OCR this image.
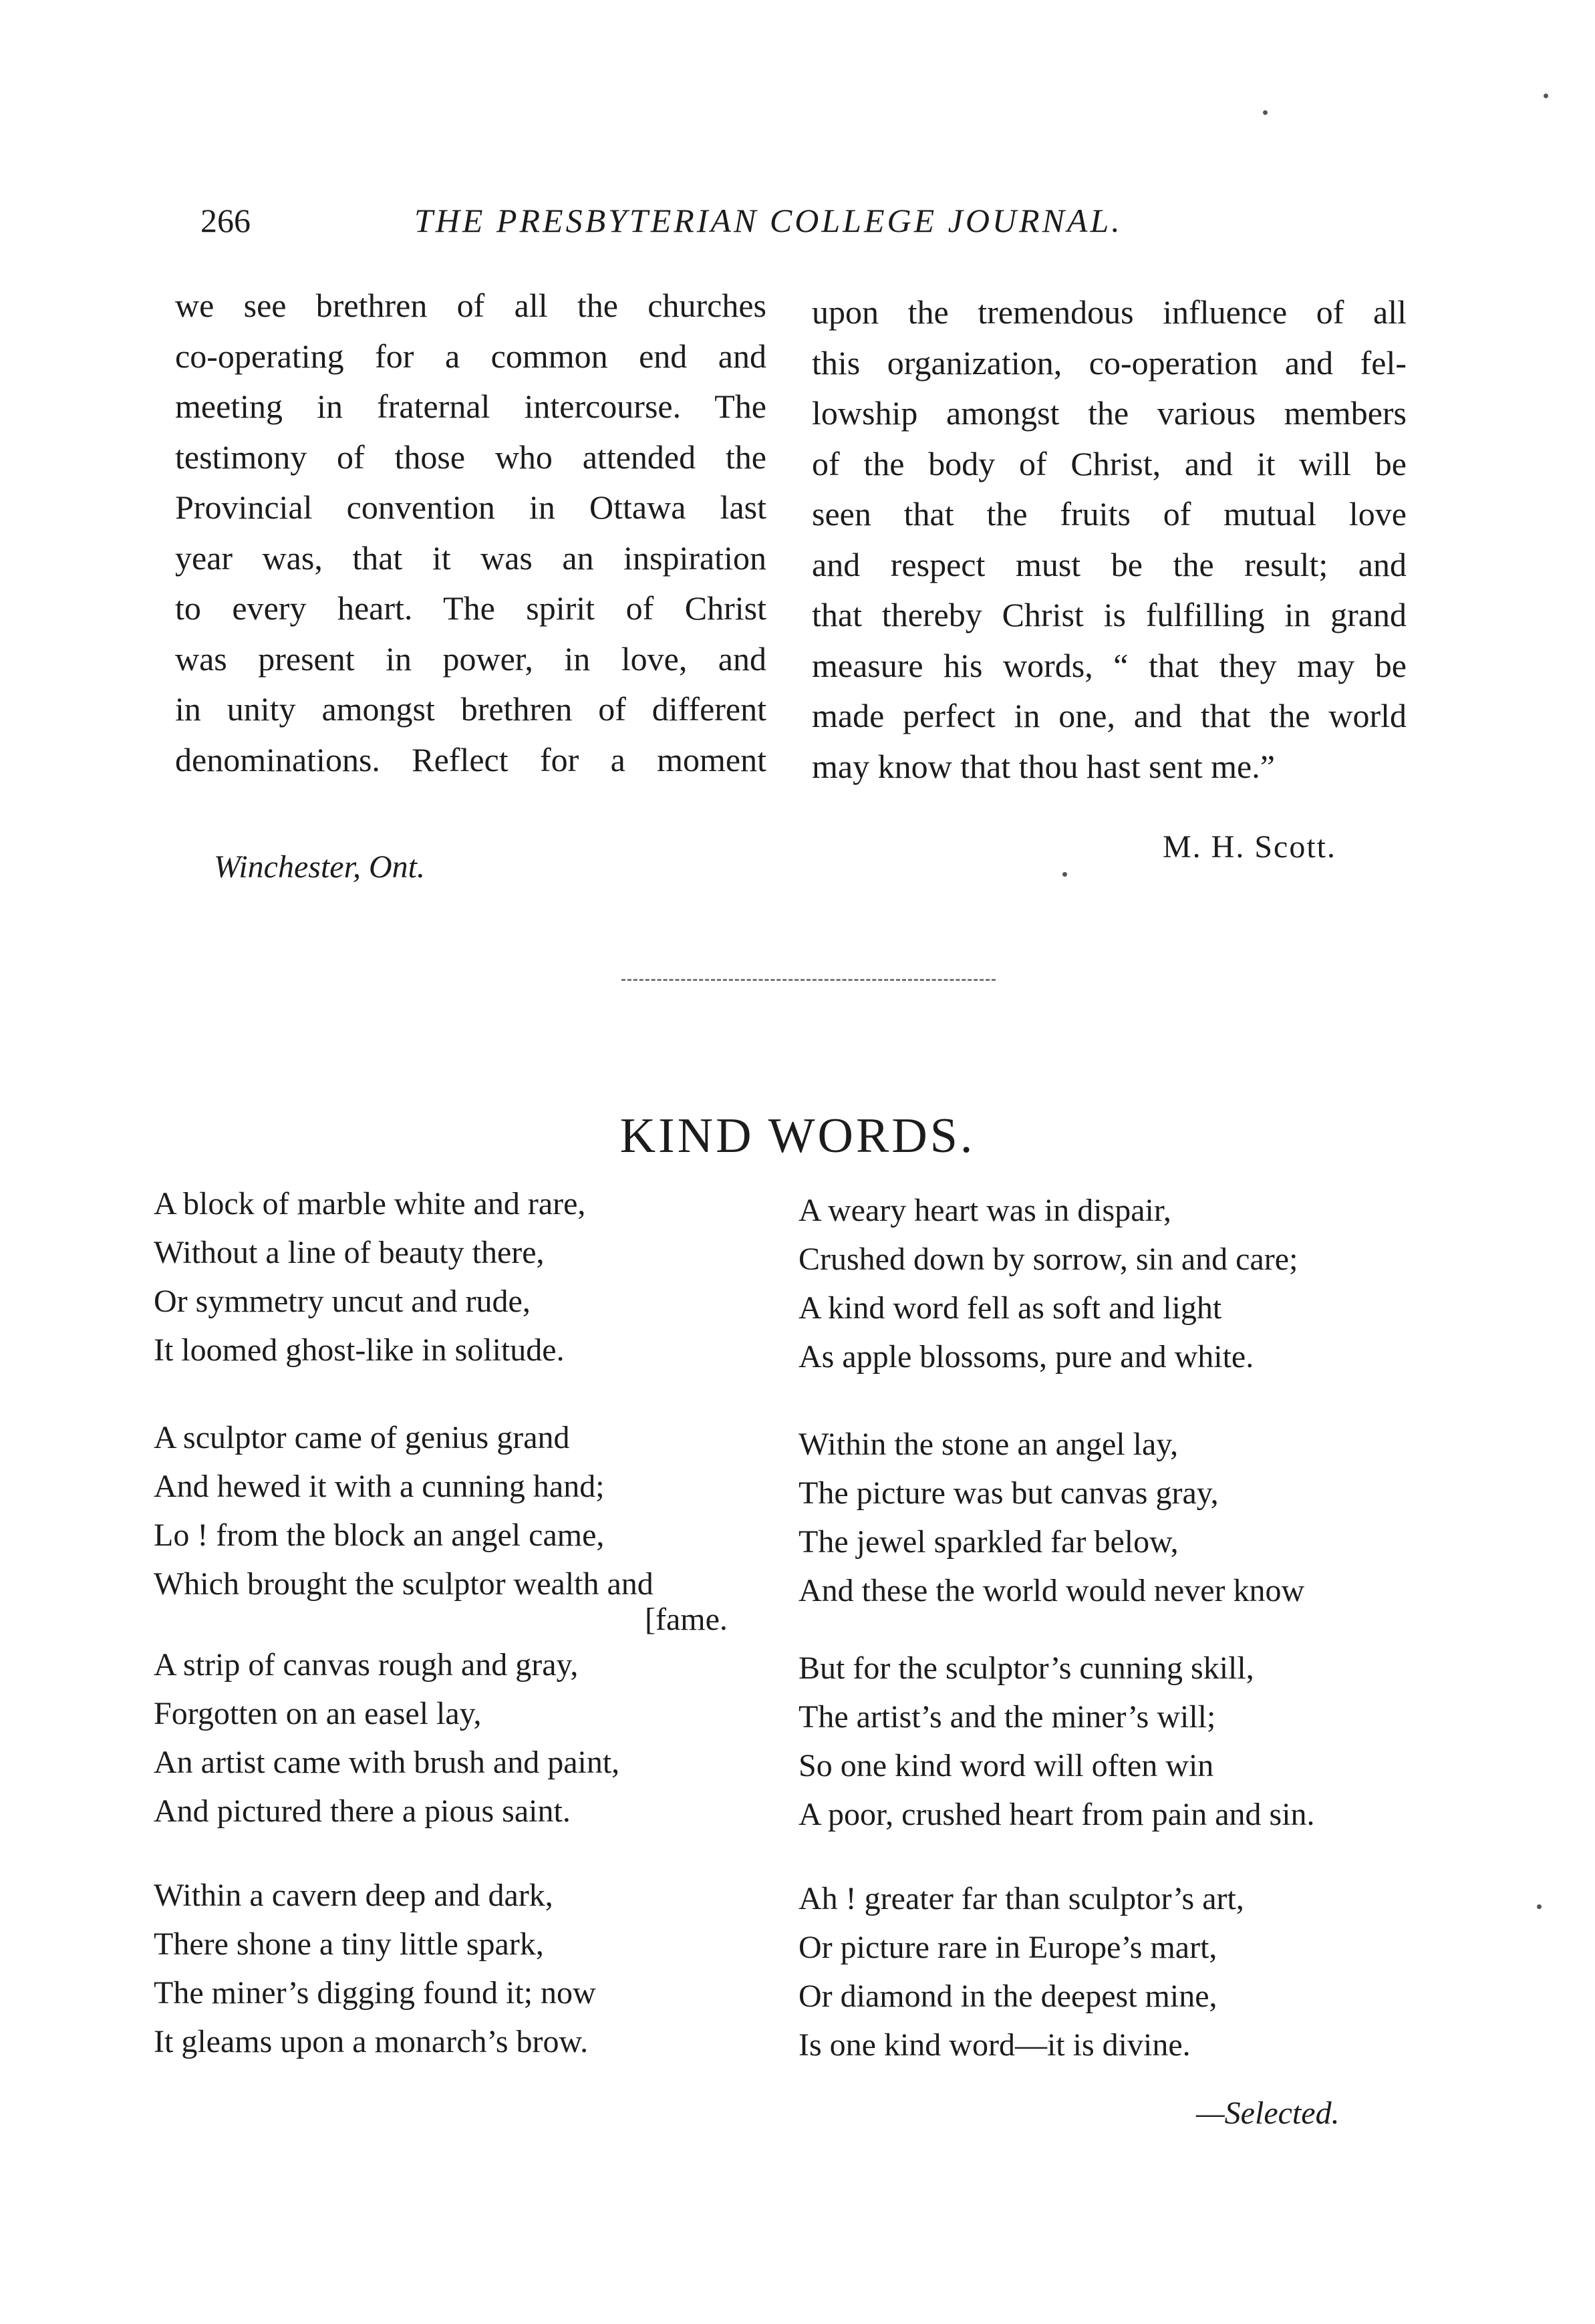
266	THE PRESBYTERIAN COLLEGE JOURNAL.
we see brethren of all the churches
co-operating for a common end and
meeting in fraternal intercourse. The
testimony of those who attended the
Provincial convention in Ottawa last
year was, that it was an inspiration
to every heart. The spirit of Christ
was present in power, in love, and
in unity amongst brethren of different
denominations. Reflect for a moment
upon the tremendous influence of all
this organization, co-operation and fel-
lowship amongst the various members
of the body of Christ, and it will be
seen that the fruits of mutual love
and respect must be the result; and
that thereby Christ is fulfilling in grand
measure his words, “ that they may be
made perfect in one, and that the world
may know that thou hast sent me.”
Winchester, Ont.
M. H. Scott.
KIND WORDS.
A block of marble white and rare,
Without a line of beauty there,
Or symmetry uncut and rude,
It loomed ghost-like in solitude.
A sculptor came of genius grand
And hewed it with a cunning hand;
Lo ! from the block an angel came,
Which brought the sculptor wealth and
[fame.
A strip of canvas rough and gray,
Forgotten on an easel lay,
An artist came with brush and paint,
And pictured there a pious saint.
Within a cavern deep and dark,
There shone a tiny little spark,
The miner’s digging found it; now
It gleams upon a monarch’s brow.
A weary heart was in dispair,
Crushed down by sorrow, sin and care;
A kind word fell as soft and light
As apple blossoms, pure and white.
Within the stone an angel lay,
The picture was but canvas gray,
The jewel sparkled far below,
And these the world would never know
But for the sculptor’s cunning skill,
The artist’s and the miner’s will;
So one kind word will often win
A poor, crushed heart from pain and sin.
Ah ! greater far than sculptor’s art,
Or picture rare in Europe’s mart,
Or diamond in the deepest mine,
Is one kind word—it is divine.
—Selected.
